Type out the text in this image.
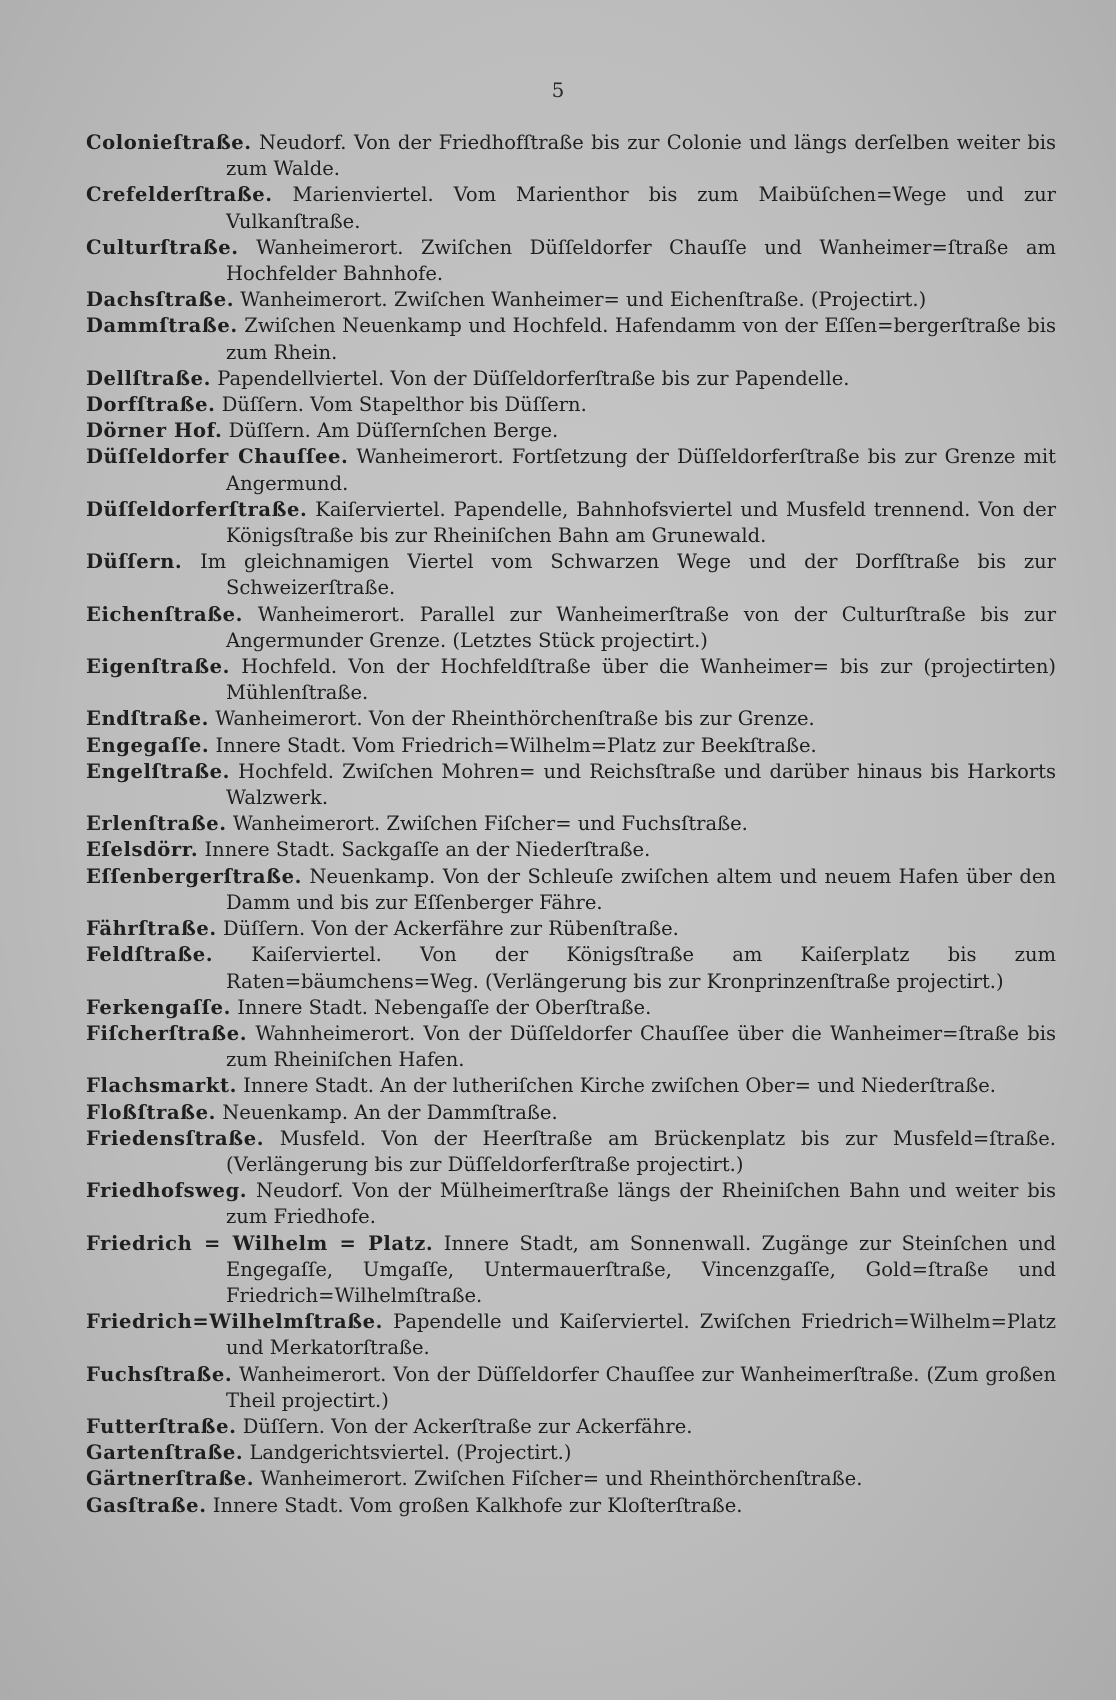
5
Colonieſtraße. Neudorf. Von der Friedhofſtraße bis zur Colonie und längs derſelben weiter bis zum Walde.
Crefelderſtraße. Marienviertel. Vom Marienthor bis zum Maibüſchen=Wege und zur Vulkanſtraße.
Culturſtraße. Wanheimerort. Zwiſchen Düſſeldorfer Chauſſe und Wanheimer=ſtraße am Hochfelder Bahnhofe.
Dachsſtraße. Wanheimerort. Zwiſchen Wanheimer= und Eichenſtraße. (Projectirt.)
Dammſtraße. Zwiſchen Neuenkamp und Hochfeld. Hafendamm von der Eſſen=bergerſtraße bis zum Rhein.
Dellſtraße. Papendellviertel. Von der Düſſeldorferſtraße bis zur Papendelle.
Dorfſtraße. Düſſern. Vom Stapelthor bis Düſſern.
Dörner Hof. Düſſern. Am Düſſernſchen Berge.
Düſſeldorfer Chauſſee. Wanheimerort. Fortſetzung der Düſſeldorferſtraße bis zur Grenze mit Angermund.
Düſſeldorferſtraße. Kaiſerviertel. Papendelle, Bahnhofsviertel und Musfeld trennend. Von der Königsſtraße bis zur Rheiniſchen Bahn am Grunewald.
Düſſern. Im gleichnamigen Viertel vom Schwarzen Wege und der Dorfſtraße bis zur Schweizerſtraße.
Eichenſtraße. Wanheimerort. Parallel zur Wanheimerſtraße von der Culturſtraße bis zur Angermunder Grenze. (Letztes Stück projectirt.)
Eigenſtraße. Hochfeld. Von der Hochfeldſtraße über die Wanheimer= bis zur (projectirten) Mühlenſtraße.
Endſtraße. Wanheimerort. Von der Rheinthörchenſtraße bis zur Grenze.
Engegaſſe. Innere Stadt. Vom Friedrich=Wilhelm=Platz zur Beekſtraße.
Engelſtraße. Hochfeld. Zwiſchen Mohren= und Reichsſtraße und darüber hinaus bis Harkorts Walzwerk.
Erlenſtraße. Wanheimerort. Zwiſchen Fiſcher= und Fuchsſtraße.
Eſelsdörr. Innere Stadt. Sackgaſſe an der Niederſtraße.
Eſſenbergerſtraße. Neuenkamp. Von der Schleuſe zwiſchen altem und neuem Hafen über den Damm und bis zur Eſſenberger Fähre.
Fährſtraße. Düſſern. Von der Ackerfähre zur Rübenſtraße.
Feldſtraße. Kaiſerviertel. Von der Königsſtraße am Kaiſerplatz bis zum Raten=bäumchens=Weg. (Verlängerung bis zur Kronprinzenſtraße projectirt.)
Ferkengaſſe. Innere Stadt. Nebengaſſe der Oberſtraße.
Fiſcherſtraße. Wahnheimerort. Von der Düſſeldorfer Chauſſee über die Wanheimer=ſtraße bis zum Rheiniſchen Hafen.
Flachsmarkt. Innere Stadt. An der lutheriſchen Kirche zwiſchen Ober= und Niederſtraße.
Floßſtraße. Neuenkamp. An der Dammſtraße.
Friedensſtraße. Musfeld. Von der Heerſtraße am Brückenplatz bis zur Musfeld=ſtraße. (Verlängerung bis zur Düſſeldorferſtraße projectirt.)
Friedhofsweg. Neudorf. Von der Mülheimerſtraße längs der Rheiniſchen Bahn und weiter bis zum Friedhofe.
Friedrich = Wilhelm = Platz. Innere Stadt, am Sonnenwall. Zugänge zur Steinſchen und Engegaſſe, Umgaſſe, Untermauerſtraße, Vincenzgaſſe, Gold=ſtraße und Friedrich=Wilhelmſtraße.
Friedrich=Wilhelmſtraße. Papendelle und Kaiſerviertel. Zwiſchen Friedrich=Wilhelm=Platz und Merkatorſtraße.
Fuchsſtraße. Wanheimerort. Von der Düſſeldorfer Chauſſee zur Wanheimerſtraße. (Zum großen Theil projectirt.)
Futterſtraße. Düſſern. Von der Ackerſtraße zur Ackerfähre.
Gartenſtraße. Landgerichtsviertel. (Projectirt.)
Gärtnerſtraße. Wanheimerort. Zwiſchen Fiſcher= und Rheinthörchenſtraße.
Gasſtraße. Innere Stadt. Vom großen Kalkhofe zur Kloſterſtraße.
